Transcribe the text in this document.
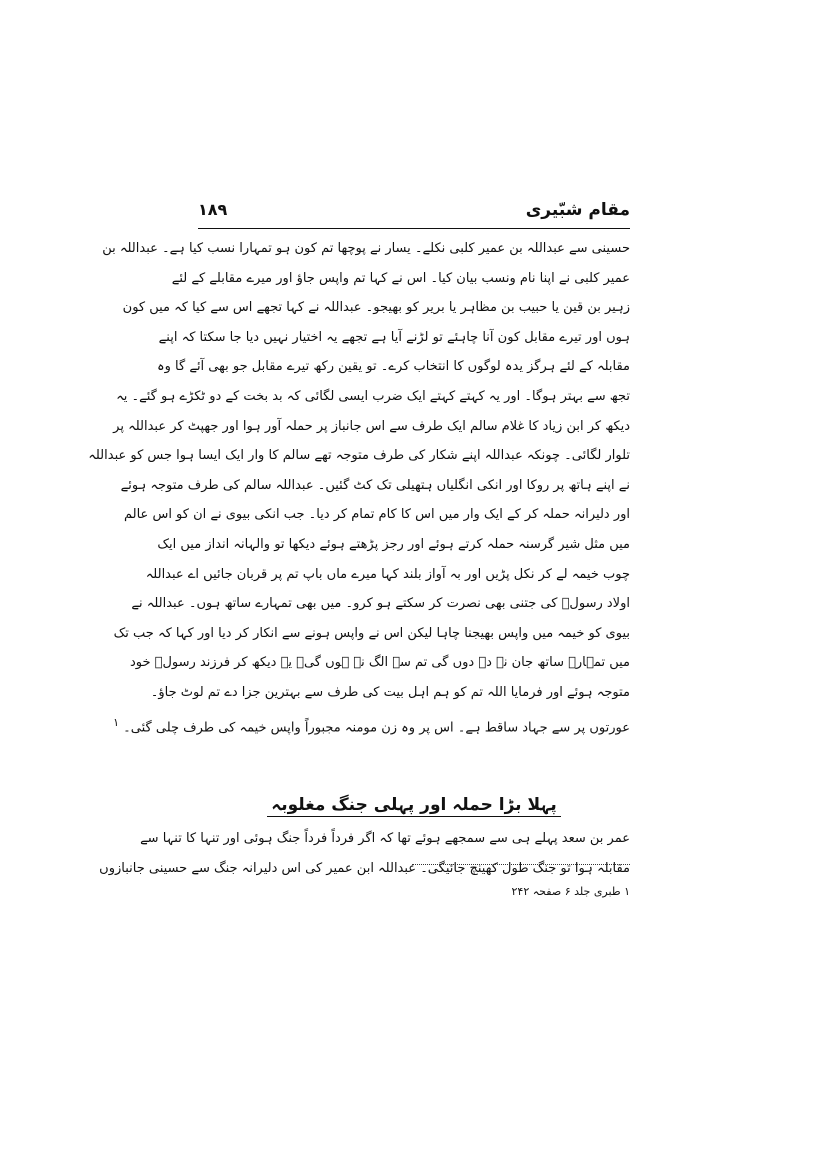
مقام شبّیری
۱۸۹
حسینی سے عبداللہ بن عمیر کلبی نکلے۔ یسار نے پوچھا تم کون ہو تمہارا نسب کیا ہے۔ عبداللہ بن
عمیر کلبی نے اپنا نام ونسب بیان کیا۔ اس نے کہا تم واپس جاؤ اور میرے مقابلے کے لئے
زہیر بن قین یا حبیب بن مظاہر یا بریر کو بھیجو۔ عبداللہ نے کہا تجھے اس سے کیا کہ میں کون
ہوں اور تیرے مقابل کون آنا چاہئے تو لڑنے آیا ہے تجھے یہ اختیار نہیں دیا جا سکتا کہ اپنے
مقابلہ کے لئے ہرگز یدہ لوگوں کا انتخاب کرے۔ تو یقین رکھ تیرے مقابل جو بھی آئے گا وہ
تجھ سے بہتر ہوگا۔ اور یہ کہتے کہتے ایک ضرب ایسی لگائی کہ بد بخت کے دو ٹکڑے ہو گئے۔ یہ
دیکھ کر ابن زیاد کا غلام سالم ایک طرف سے اس جانباز پر حملہ آور ہوا اور جھپٹ کر عبداللہ پر
تلوار لگائی۔ چونکہ عبداللہ اپنے شکار کی طرف متوجہ تھے سالم کا وار ایک ایسا ہوا جس کو عبداللہ
نے اپنے ہاتھ پر روکا اور انکی انگلیاں ہتھیلی تک کٹ گئیں۔ عبداللہ سالم کی طرف متوجہ ہوئے
اور دلیرانہ حملہ کر کے ایک وار میں اس کا کام تمام کر دیا۔ جب انکی بیوی نے ان کو اس عالم
میں مثل شیر گرسنہ حملہ کرتے ہوئے اور رجز پڑھتے ہوئے دیکھا تو والہانہ انداز میں ایک
چوب خیمہ لے کر نکل پڑیں اور بہ آواز بلند کہا میرے ماں باپ تم پر قربان جائیں اے عبداللہ
اولاد رسولؐ کی جتنی بھی نصرت کر سکتے ہو کرو۔ میں بھی تمہارے ساتھ ہوں۔ عبداللہ نے
بیوی کو خیمہ میں واپس بھیجنا چاہا لیکن اس نے واپس ہونے سے انکار کر دیا اور کہا کہ جب تک
میں تمہارے ساتھ جان نہ دے دوں گی تم سے الگ نہ ہوں گی۔ یہ دیکھ کر فرزند رسولؐ خود
متوجہ ہوئے اور فرمایا اللہ تم کو ہم اہل بیت کی طرف سے بہترین جزا دے تم لوٹ جاؤ۔
عورتوں پر سے جہاد ساقط ہے۔ اس پر وہ زن مومنہ مجبوراً واپس خیمہ کی طرف چلی گئی۔ $^۱$
پہلا بڑا حملہ اور پہلی جنگ مغلوبہ
عمر بن سعد پہلے ہی سے سمجھے ہوئے تھا کہ اگر فرداً فرداً جنگ ہوئی اور تنہا کا تنہا سے
مقابلہ ہوا تو جنگ طول کھینچ جائیگی۔ عبداللہ ابن عمیر کی اس دلیرانہ جنگ سے حسینی جانبازوں
۱ طبری جلد ۶ صفحہ ۲۴۲
